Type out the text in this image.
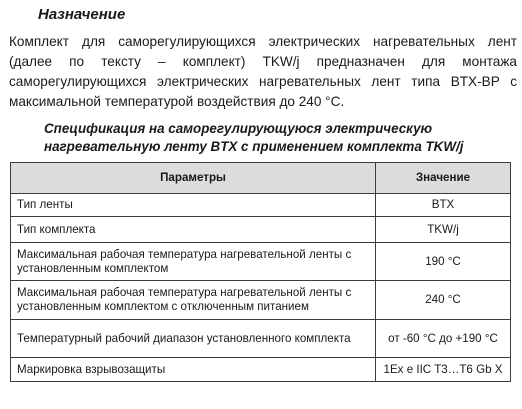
Назначение

Комплект для саморегулирующихся электрических нагревательных лент (далее по тексту – комплект) TKW/j предназначен для монтажа саморегулирующихся электрических нагревательных лент типа BTX-BP с максимальной температурой воздействия до 240 °C.

Спецификация на саморегулирующуюся электрическую нагревательную ленту BTX с применением комплекта TKW/j
Параметры	Значение
Тип ленты	BTX
Тип комплекта	TKW/j
Максимальная рабочая температура нагревательной ленты с установленным комплектом	190 °C
Максимальная рабочая температура нагревательной ленты с установленным комплектом с отключенным питанием	240 °C
Температурный рабочий диапазон установленного комплекта	от -60 °C до +190 °C
Маркировка взрывозащиты	1Ex e IIC T3…T6 Gb X
